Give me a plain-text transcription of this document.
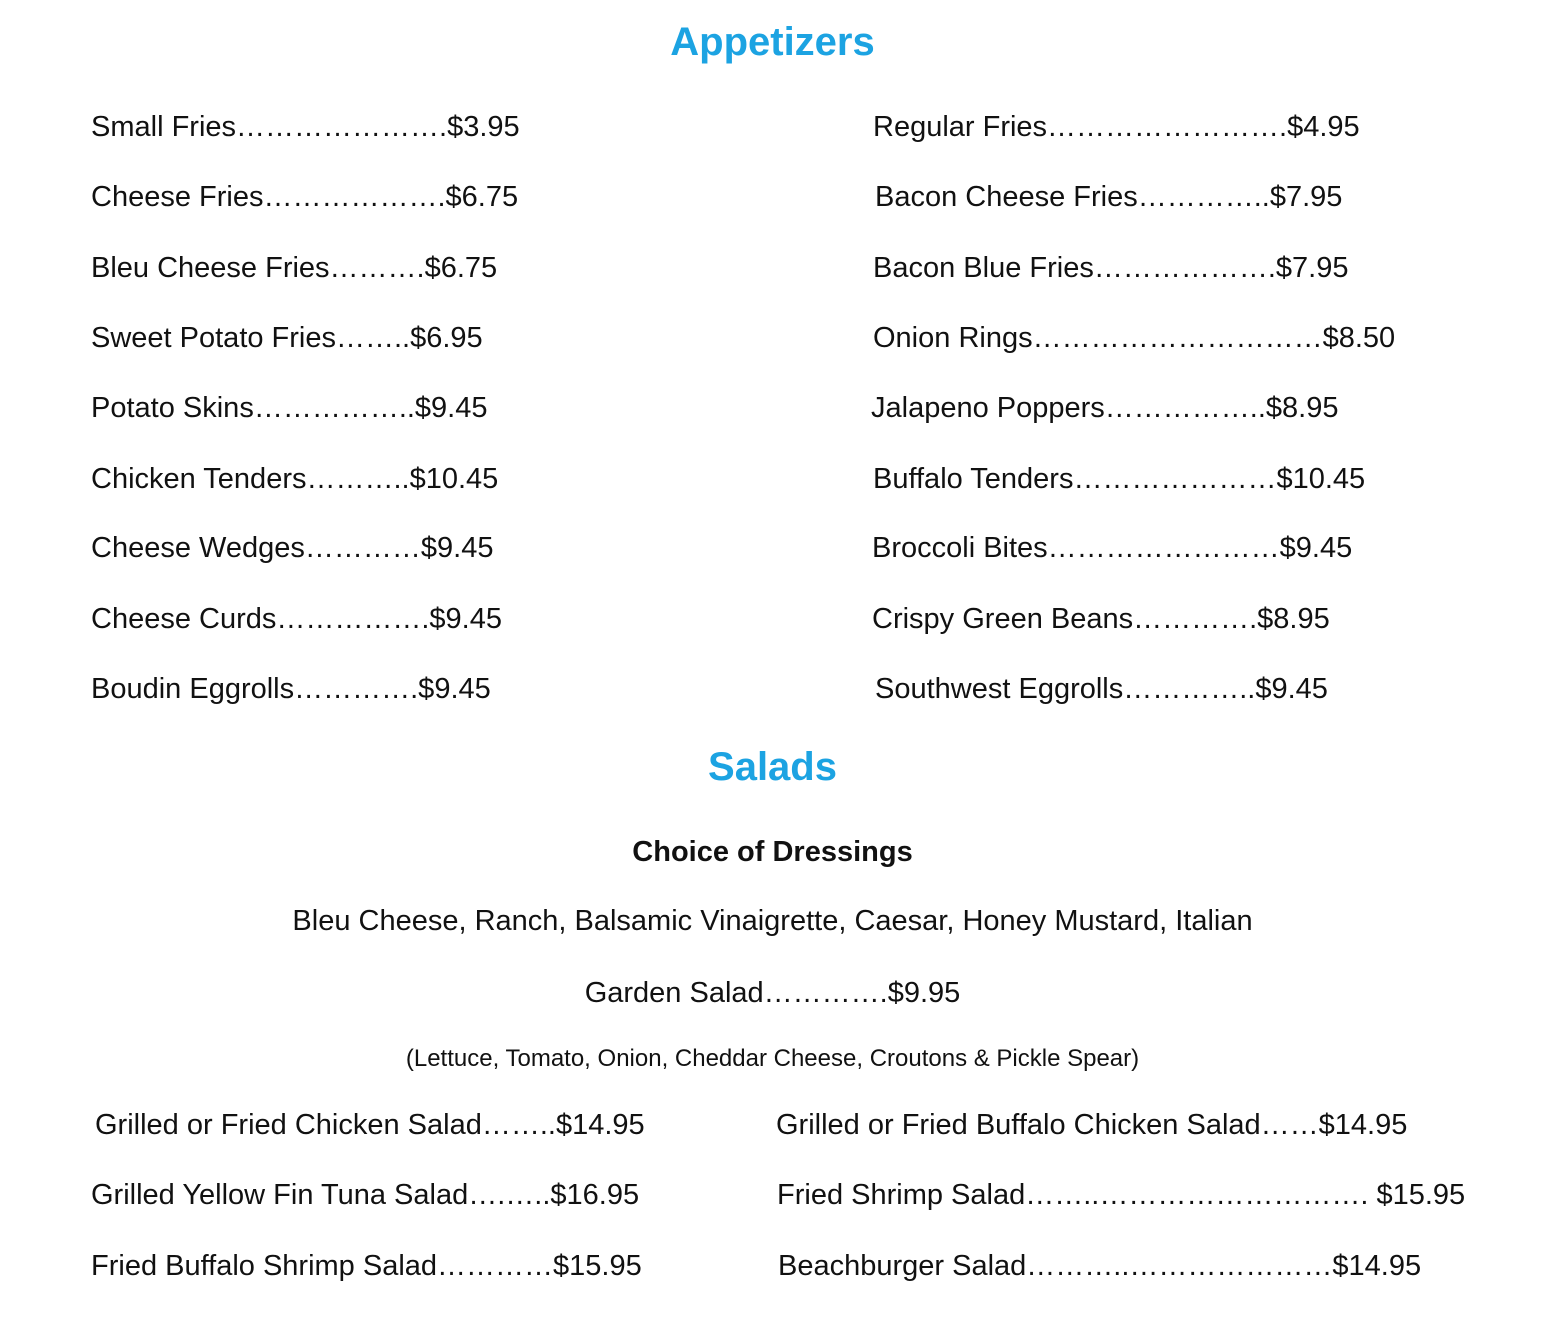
Appetizers
Small Fries………………….$3.95
Cheese Fries……………….$6.75
Bleu Cheese Fries……….$6.75
Sweet Potato Fries……..$6.95
Potato Skins……………..$9.45
Chicken Tenders………..$10.45
Cheese Wedges…………$9.45
Cheese Curds…………….$9.45
Boudin Eggrolls………….$9.45
Regular Fries…………………….$4.95
Bacon Cheese Fries…………..$7.95
Bacon Blue Fries……………….$7.95
Onion Rings…………………………$8.50
Jalapeno Poppers……………..$8.95
Buffalo Tenders…………………$10.45
Broccoli Bites……………………$9.45
Crispy Green Beans………….$8.95
Southwest Eggrolls…………..$9.45
Salads
Choice of Dressings
Bleu Cheese, Ranch, Balsamic Vinaigrette, Caesar, Honey Mustard, Italian
Garden Salad………….$9.95
(Lettuce, Tomato, Onion, Cheddar Cheese, Croutons & Pickle Spear)
Grilled or Fried Chicken Salad……..$14.95
Grilled Yellow Fin Tuna Salad….…..$16.95
Fried Buffalo Shrimp Salad…………$15.95
Grilled or Fried Buffalo Chicken Salad……$14.95
Fried Shrimp Salad……..………………………. $15.95
Beachburger Salad………..…………………$14.95
